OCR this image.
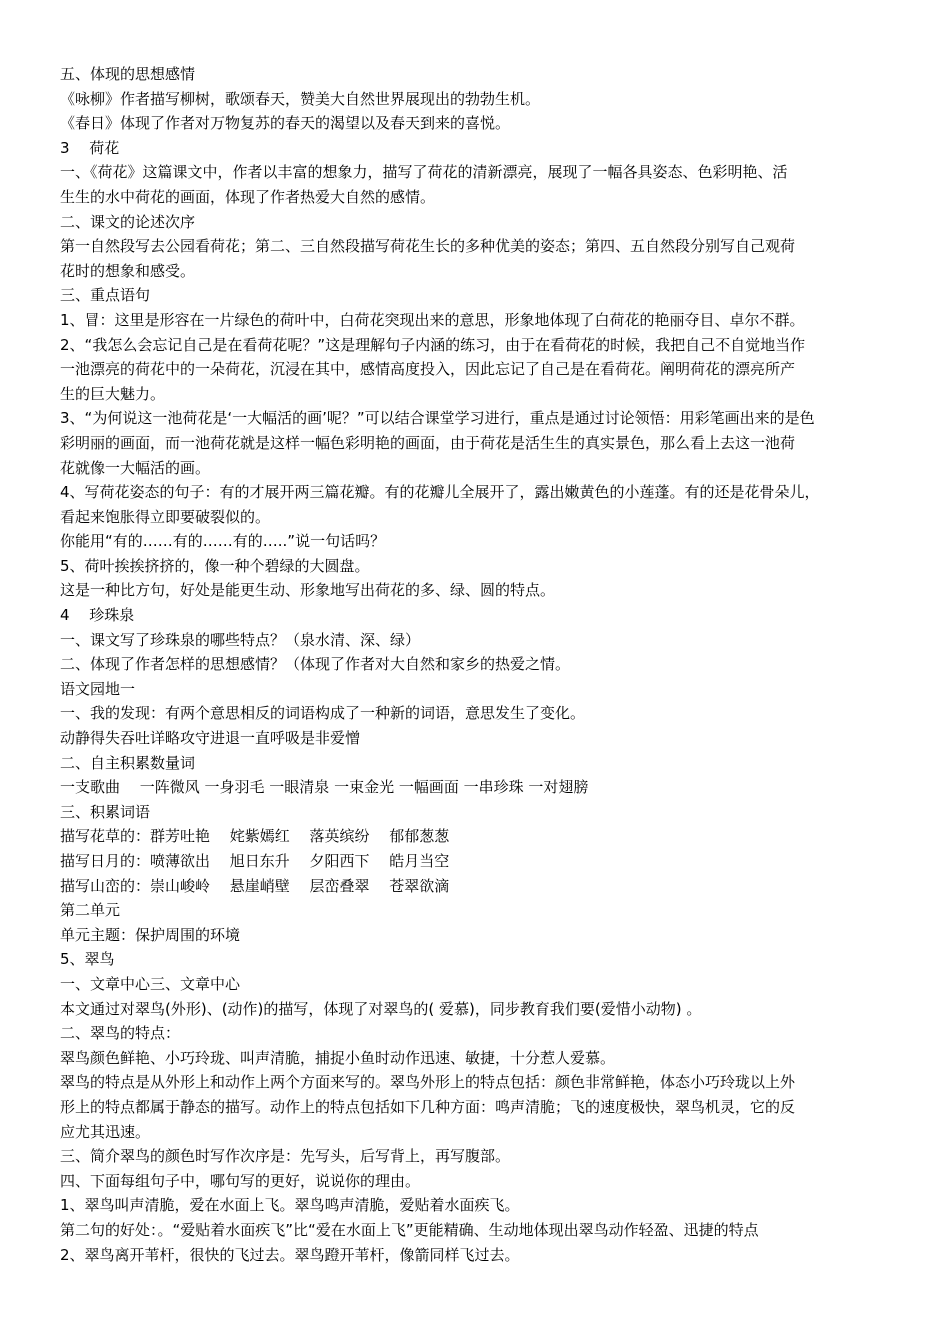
五、体现的思想感情
《咏柳》作者描写柳树，歌颂春天，赞美大自然世界展现出的勃勃生机。
《春日》体现了作者对万物复苏的春天的渴望以及春天到来的喜悦。
3　 荷花
一、《荷花》这篇课文中，作者以丰富的想象力，描写了荷花的清新漂亮，展现了一幅各具姿态、色彩明艳、活
生生的水中荷花的画面，体现了作者热爱大自然的感情。
二、课文的论述次序
第一自然段写去公园看荷花；第二、三自然段描写荷花生长的多种优美的姿态；第四、五自然段分别写自己观荷
花时的想象和感受。
三、重点语句
1、冒：这里是形容在一片绿色的荷叶中，白荷花突现出来的意思，形象地体现了白荷花的艳丽夺目、卓尔不群。
2、“我怎么会忘记自己是在看荷花呢？”这是理解句子内涵的练习，由于在看荷花的时候，我把自己不自觉地当作
一池漂亮的荷花中的一朵荷花，沉浸在其中，感情高度投入，因此忘记了自己是在看荷花。阐明荷花的漂亮所产
生的巨大魅力。
3、“为何说这一池荷花是‘一大幅活的画’呢？”可以结合课堂学习进行，重点是通过讨论领悟：用彩笔画出来的是色
彩明丽的画面，而一池荷花就是这样一幅色彩明艳的画面，由于荷花是活生生的真实景色，那么看上去这一池荷
花就像一大幅活的画。
4、写荷花姿态的句子：有的才展开两三篇花瓣。有的花瓣儿全展开了，露出嫩黄色的小莲蓬。有的还是花骨朵儿，
看起来饱胀得立即要破裂似的。
你能用“有的……有的……有的…..”说一句话吗？
5、荷叶挨挨挤挤的，像一种个碧绿的大圆盘。
这是一种比方句，好处是能更生动、形象地写出荷花的多、绿、圆的特点。
4　 珍珠泉
一、课文写了珍珠泉的哪些特点？（泉水清、深、绿）
二、体现了作者怎样的思想感情？（体现了作者对大自然和家乡的热爱之情。
语文园地一
一、我的发现：有两个意思相反的词语构成了一种新的词语，意思发生了变化。
动静得失吞吐详略攻守进退一直呼吸是非爱憎
二、自主积累数量词
一支歌曲　 一阵微风 一身羽毛 一眼清泉 一束金光 一幅画面 一串珍珠 一对翅膀
三、积累词语
描写花草的：群芳吐艳　 姹紫嫣红　 落英缤纷　 郁郁葱葱
描写日月的：喷薄欲出　 旭日东升　 夕阳西下　 皓月当空
描写山峦的：崇山峻岭　 悬崖峭壁　 层峦叠翠　 苍翠欲滴
第二单元
单元主题：保护周围的环境
5、翠鸟
一、文章中心三、文章中心
本文通过对翠鸟(外形)、(动作)的描写，体现了对翠鸟的( 爱慕)，同步教育我们要(爱惜小动物) 。
二、翠鸟的特点：
翠鸟颜色鲜艳、小巧玲珑、叫声清脆，捕捉小鱼时动作迅速、敏捷，十分惹人爱慕。
翠鸟的特点是从外形上和动作上两个方面来写的。翠鸟外形上的特点包括：颜色非常鲜艳，体态小巧玲珑以上外
形上的特点都属于静态的描写。动作上的特点包括如下几种方面：鸣声清脆；飞的速度极快，翠鸟机灵，它的反
应尤其迅速。
三、简介翠鸟的颜色时写作次序是：先写头，后写背上，再写腹部。
四、下面每组句子中，哪句写的更好，说说你的理由。
1、翠鸟叫声清脆，爱在水面上飞。翠鸟鸣声清脆，爱贴着水面疾飞。
第二句的好处：。“爱贴着水面疾飞”比“爱在水面上飞”更能精确、生动地体现出翠鸟动作轻盈、迅捷的特点
2、翠鸟离开苇杆，很快的飞过去。翠鸟蹬开苇杆，像箭同样飞过去。
